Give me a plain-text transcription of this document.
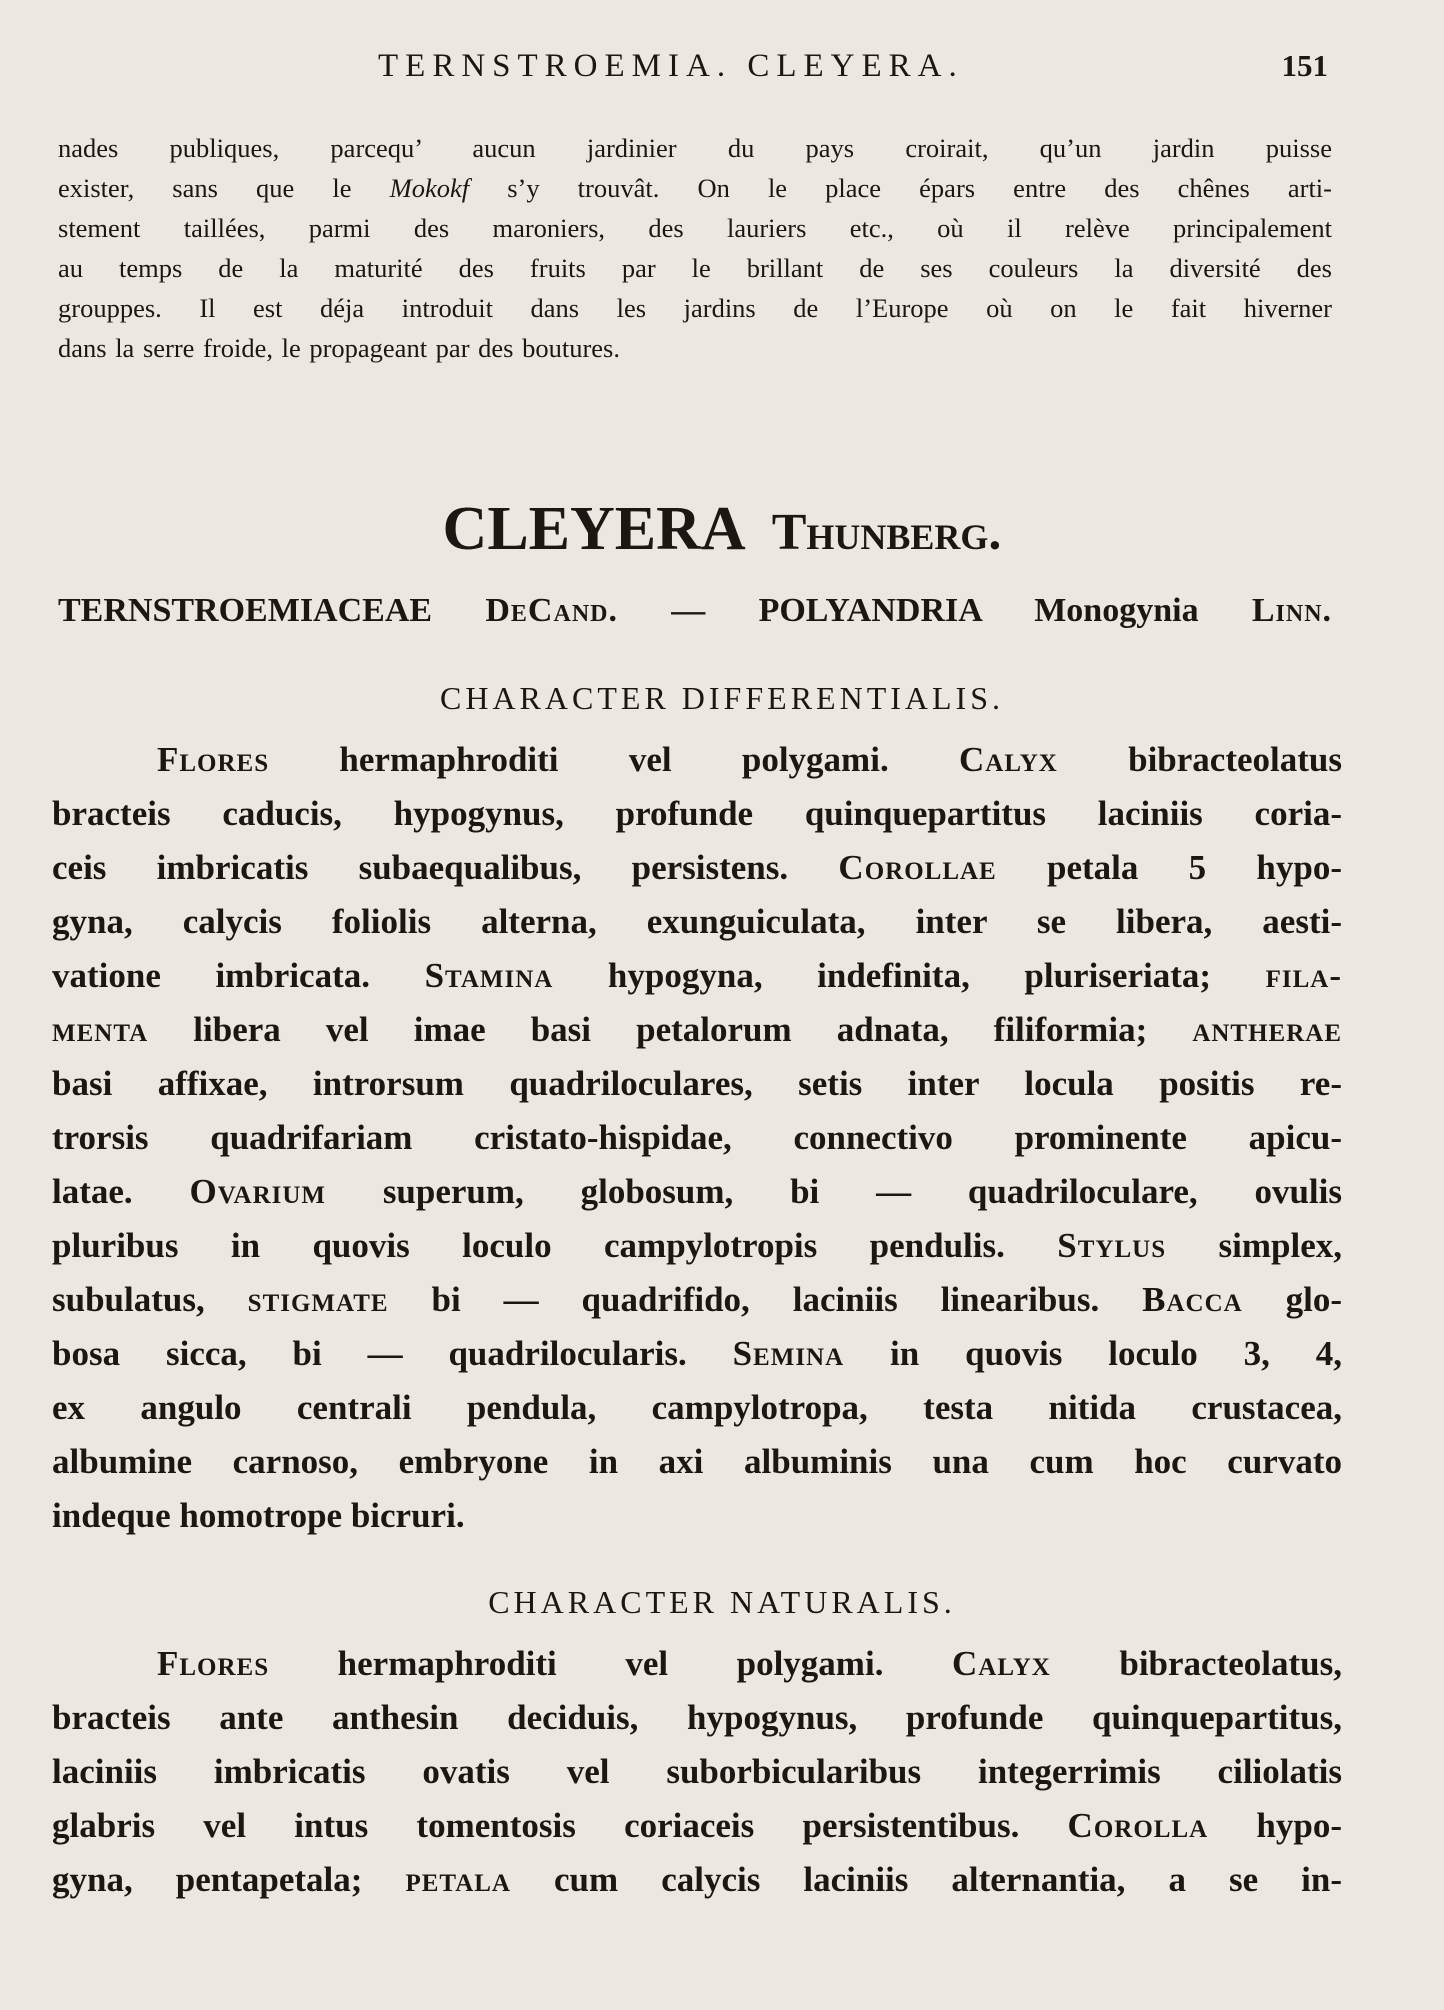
TERNSTROEMIA. CLEYERA.	151
nades publiques, parcequ’ aucun jardinier du pays croirait, qu’un jardin puisse
exister, sans que le Mokokf s’y trouvât. On le place épars entre des chênes arti-
stement taillées, parmi des maroniers, des lauriers etc., où il relève principalement
au temps de la maturité des fruits par le brillant de ses couleurs la diversité des
grouppes. Il est déja introduit dans les jardins de l’Europe où on le fait hiverner
dans la serre froide, le propageant par des boutures.
CLEYERA Thunberg.
TERNSTROEMIACEAE DeCand. — POLYANDRIA Monogynia Linn.
CHARACTER DIFFERENTIALIS.
Flores hermaphroditi vel polygami. Calyx bibracteolatus
bracteis caducis, hypogynus, profunde quinquepartitus laciniis coria-
ceis imbricatis subaequalibus, persistens. Corollae petala 5 hypo-
gyna, calycis foliolis alterna, exunguiculata, inter se libera, aesti-
vatione imbricata. Stamina hypogyna, indefinita, pluriseriata; fila-
menta libera vel imae basi petalorum adnata, filiformia; antherae
basi affixae, introrsum quadriloculares, setis inter locula positis re-
trorsis quadrifariam cristato-hispidae, connectivo prominente apicu-
latae. Ovarium superum, globosum, bi — quadriloculare, ovulis
pluribus in quovis loculo campylotropis pendulis. Stylus simplex,
subulatus, stigmate bi — quadrifido, laciniis linearibus. Bacca glo-
bosa sicca, bi — quadrilocularis. Semina in quovis loculo 3, 4,
ex angulo centrali pendula, campylotropa, testa nitida crustacea,
albumine carnoso, embryone in axi albuminis una cum hoc curvato
indeque homotrope bicruri.
CHARACTER NATURALIS.
Flores hermaphroditi vel polygami. Calyx bibracteolatus,
bracteis ante anthesin deciduis, hypogynus, profunde quinquepartitus,
laciniis imbricatis ovatis vel suborbicularibus integerrimis ciliolatis
glabris vel intus tomentosis coriaceis persistentibus. Corolla hypo-
gyna, pentapetala; petala cum calycis laciniis alternantia, a se in-
